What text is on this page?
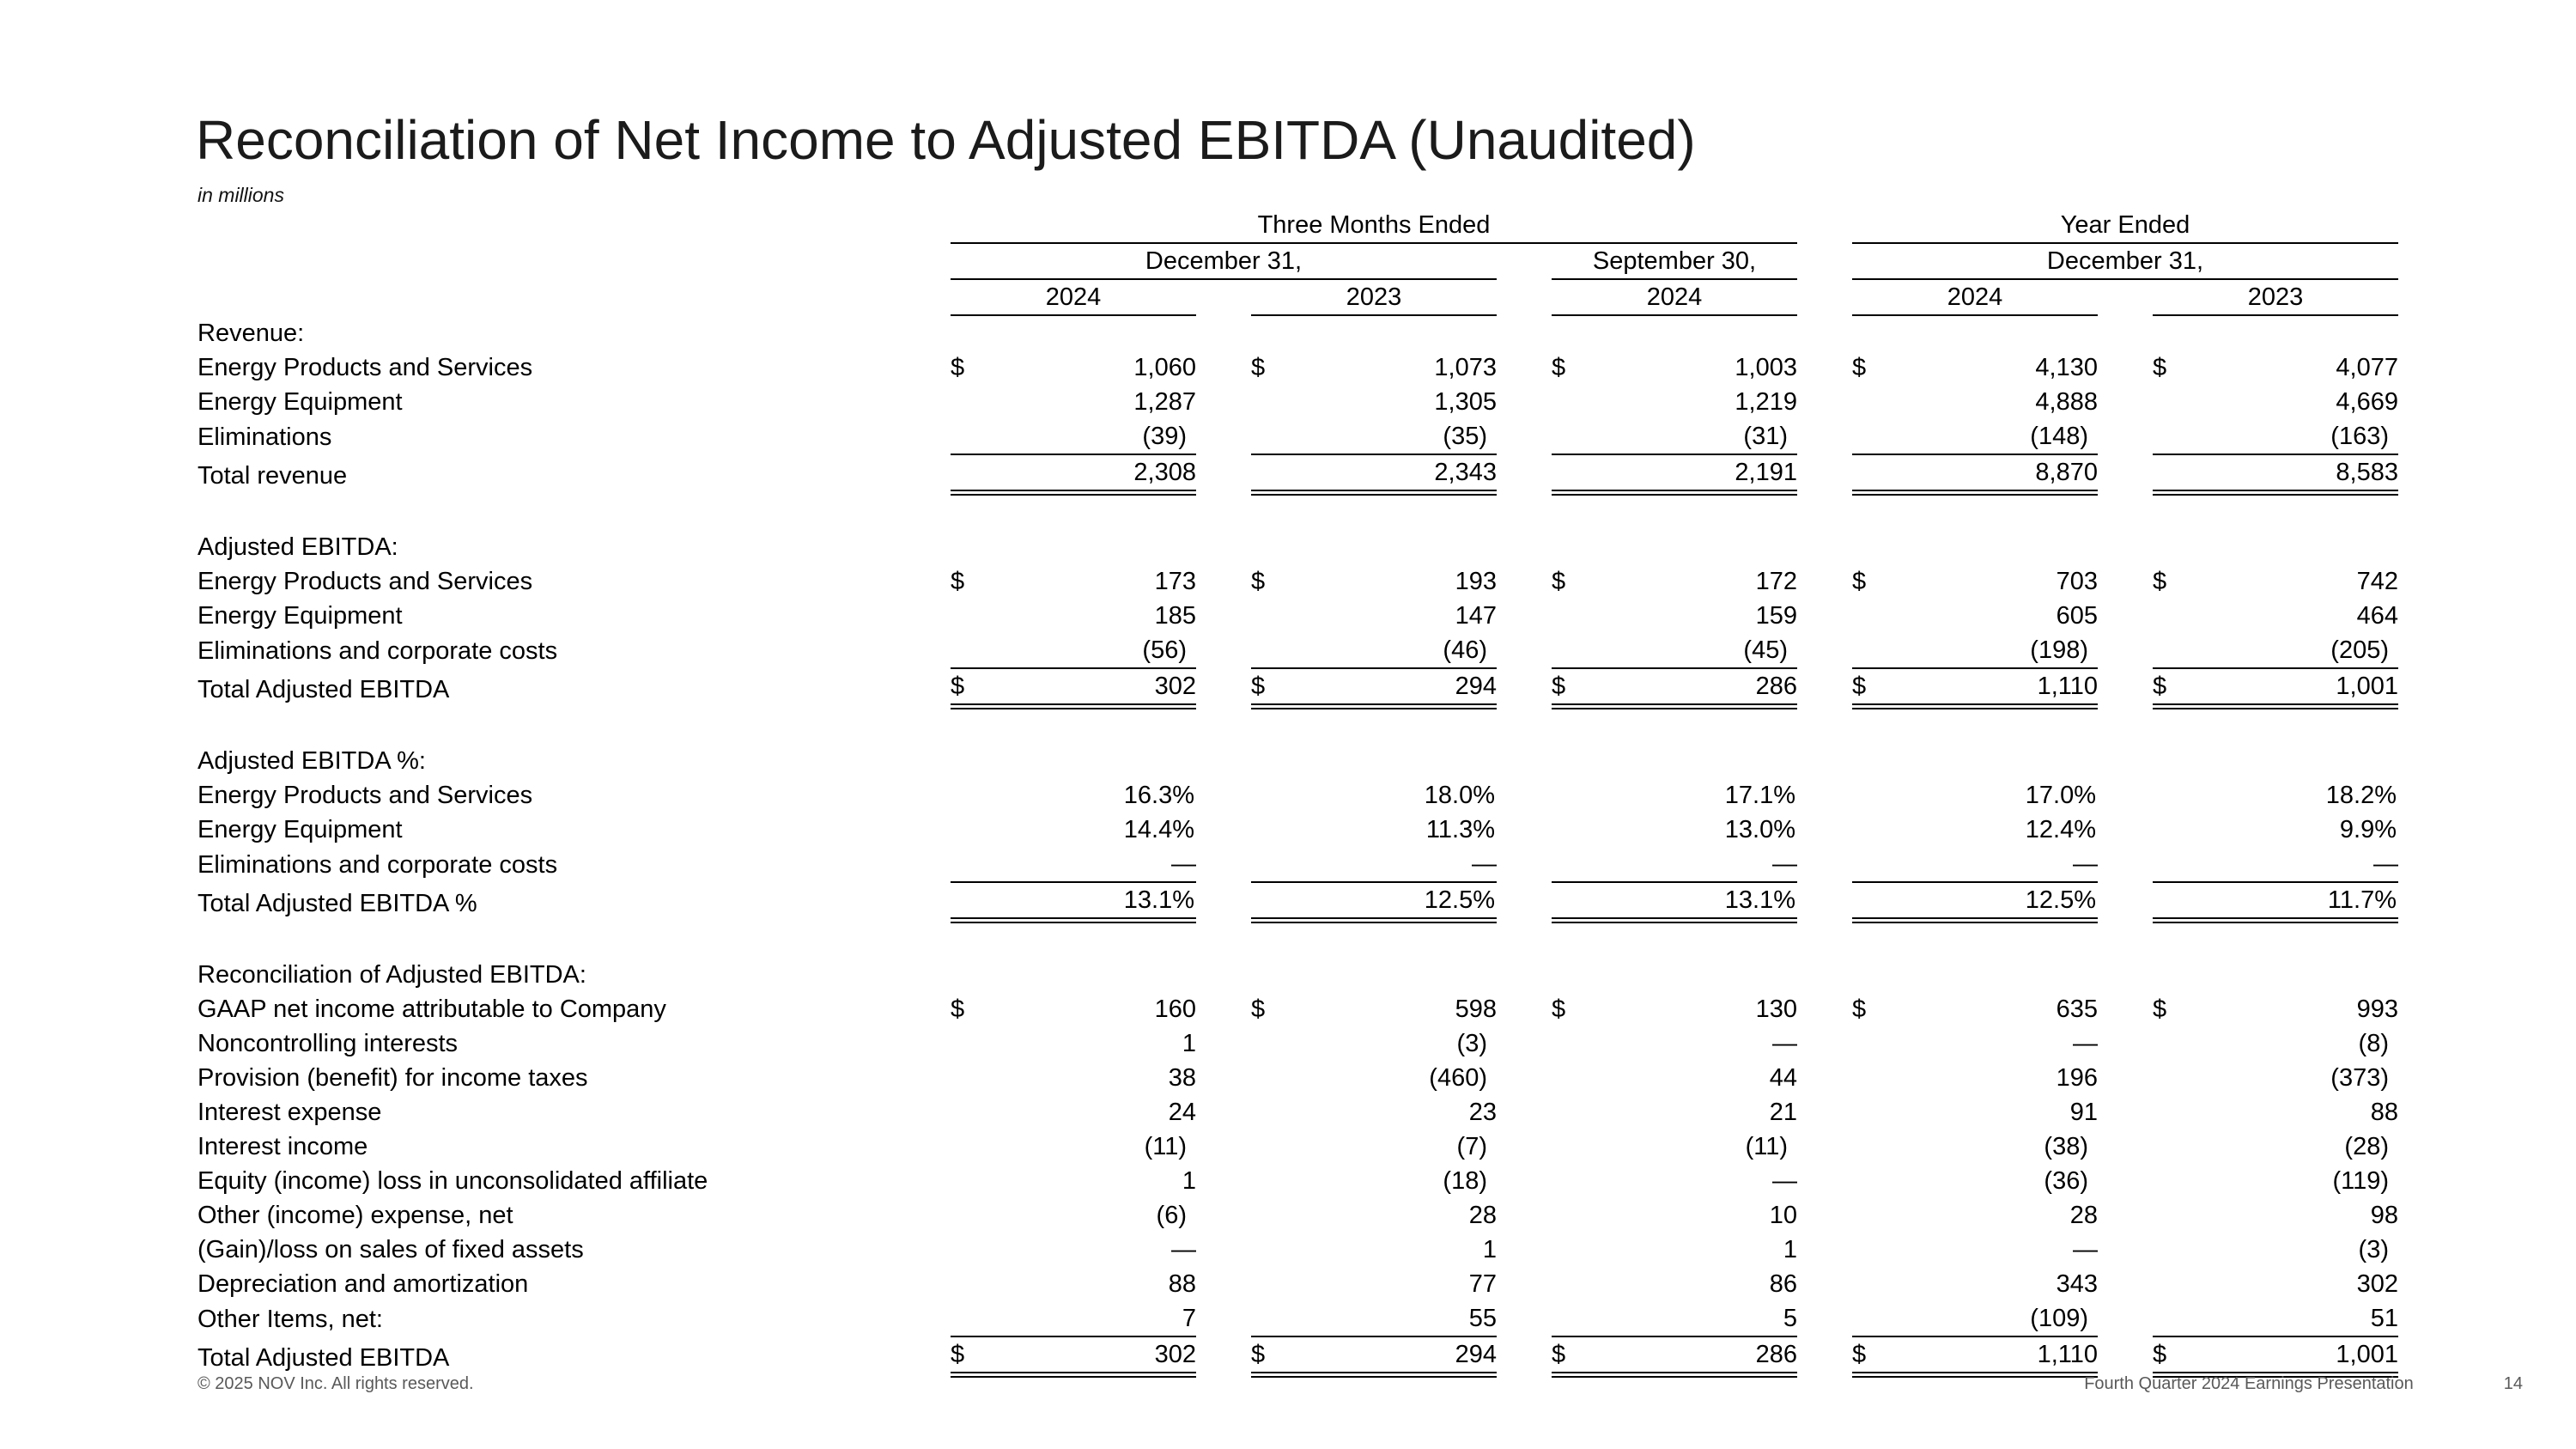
Reconciliation of Net Income to Adjusted EBITDA (Unaudited)
in millions
	Three Months Ended									Year Ended				
	December 31,						September 30,			December 31,				
	2024			2023			2024			2024			2023	
Revenue:														
Energy Products and Services	$	1,060		$	1,073		$	1,003		$	4,130		$	4,077
Energy Equipment		1,287			1,305			1,219			4,888			4,669
Eliminations		(39)			(35)			(31)			(148)			(163)
Total revenue		2,308			2,343			2,191			8,870			8,583

Adjusted EBITDA:														
Energy Products and Services	$	173		$	193		$	172		$	703		$	742
Energy Equipment		185			147			159			605			464
Eliminations and corporate costs		(56)			(46)			(45)			(198)			(205)
Total Adjusted EBITDA	$	302		$	294		$	286		$	1,110		$	1,001

Adjusted EBITDA %:														
Energy Products and Services		16.3%			18.0%			17.1%			17.0%			18.2%
Energy Equipment		14.4%			11.3%			13.0%			12.4%			9.9%
Eliminations and corporate costs		—			—			—			—			—
Total Adjusted EBITDA %		13.1%			12.5%			13.1%			12.5%			11.7%

Reconciliation of Adjusted EBITDA:														
GAAP net income attributable to Company	$	160		$	598		$	130		$	635		$	993
Noncontrolling interests		1			(3)			—			—			(8)
Provision (benefit) for income taxes		38			(460)			44			196			(373)
Interest expense		24			23			21			91			88
Interest income		(11)			(7)			(11)			(38)			(28)
Equity (income) loss in unconsolidated affiliate		1			(18)			—			(36)			(119)
Other (income) expense, net		(6)			28			10			28			98
(Gain)/loss on sales of fixed assets		—			1			1			—			(3)
Depreciation and amortization		88			77			86			343			302
Other Items, net:		7			55			5			(109)			51
Total Adjusted EBITDA	$	302		$	294		$	286		$	1,110		$	1,001
© 2025 NOV Inc. All rights reserved.	Fourth Quarter 2024 Earnings Presentation	14
